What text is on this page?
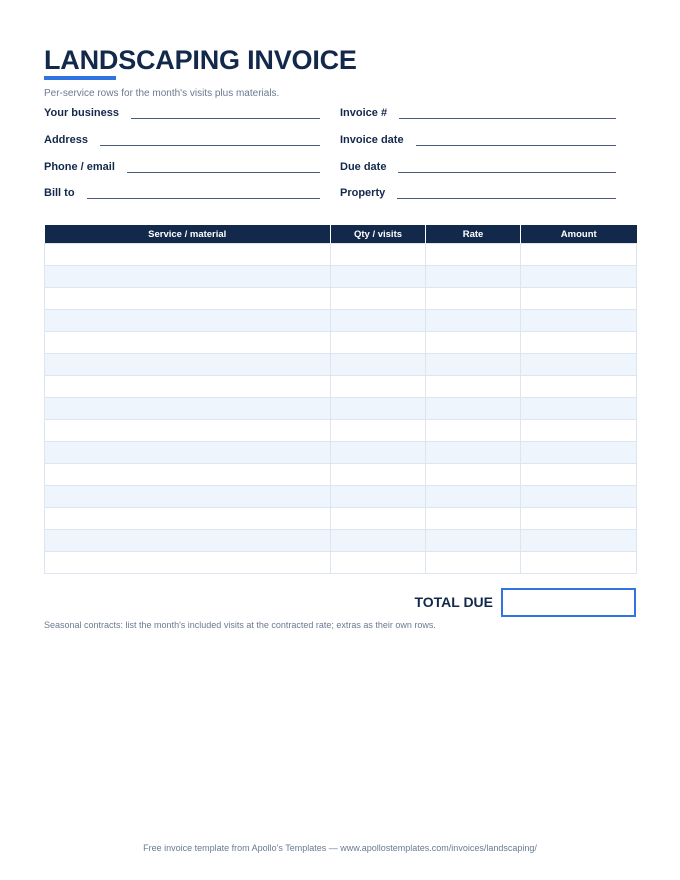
LANDSCAPING INVOICE
Per-service rows for the month's visits plus materials.
Your business
Address
Phone / email
Bill to
Invoice #
Invoice date
Due date
Property
Service / material	Qty / visits	Rate	Amount

TOTAL DUE
Seasonal contracts: list the month's included visits at the contracted rate; extras as their own rows.
Free invoice template from Apollo's Templates — www.apollostemplates.com/invoices/landscaping/
